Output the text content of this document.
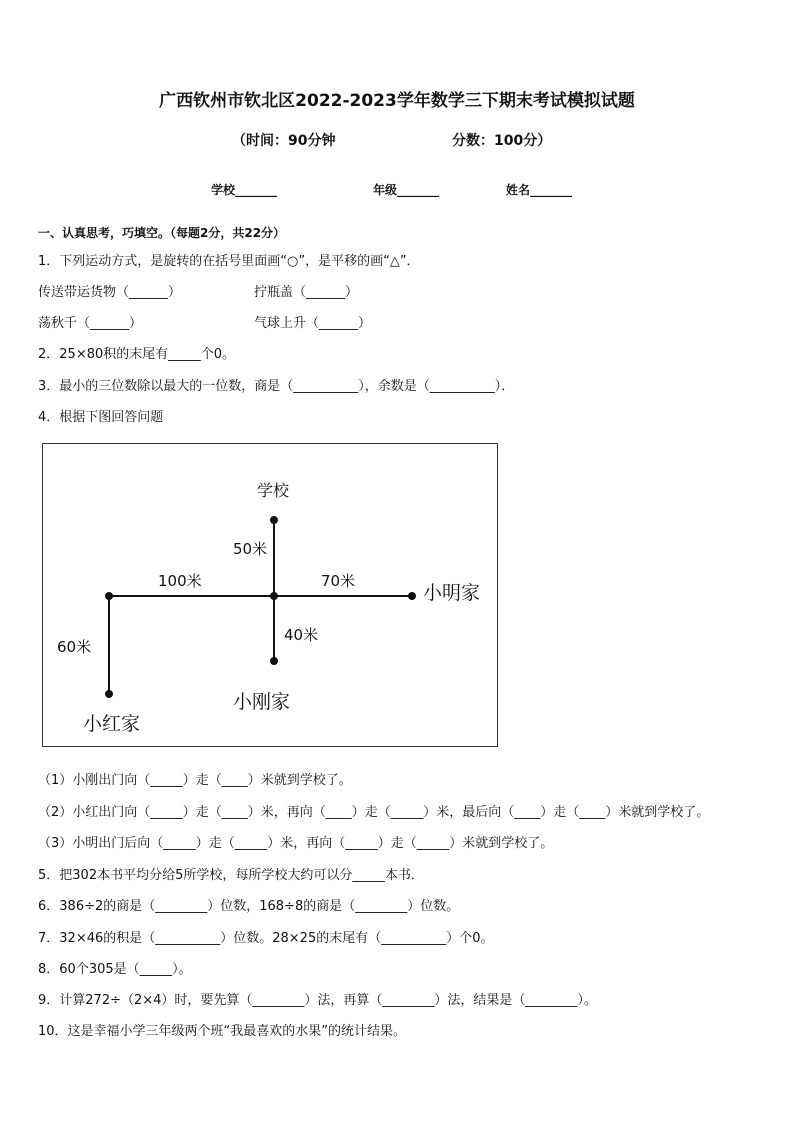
广西钦州市钦北区2022-2023学年数学三下期末考试模拟试题
（时间：90分钟	分数：100分）
学校_______	年级_______	姓名_______
一、认真思考，巧填空。（每题2分，共22分）
1．下列运动方式，是旋转的在括号里面画“○”，是平移的画“△”．
传送带运货物（______）	拧瓶盖（______）
荡秋千（______）	气球上升（______）
2．25×80积的末尾有_____个0。
3．最小的三位数除以最大的一位数，商是（__________），余数是（__________）．
4．根据下图回答问题
学校
50米
100米	70米
小明家
40米
60米
小刚家
小红家
（1）小刚出门向（_____）走（____）米就到学校了。
（2）小红出门向（_____）走（____）米，再向（____）走（_____）米，最后向（____）走（____）米就到学校了。
（3）小明出门后向（_____）走（_____）米，再向（_____）走（_____）米就到学校了。
5．把302本书平均分给5所学校，每所学校大约可以分_____本书．
6．386÷2的商是（________）位数，168÷8的商是（________）位数。
7．32×46的积是（__________）位数。28×25的末尾有（__________）个0。
8．60个305是（_____）。
9．计算272÷（2×4）时，要先算（________）法，再算（________）法，结果是（________）。
10．这是幸福小学三年级两个班“我最喜欢的水果”的统计结果。
